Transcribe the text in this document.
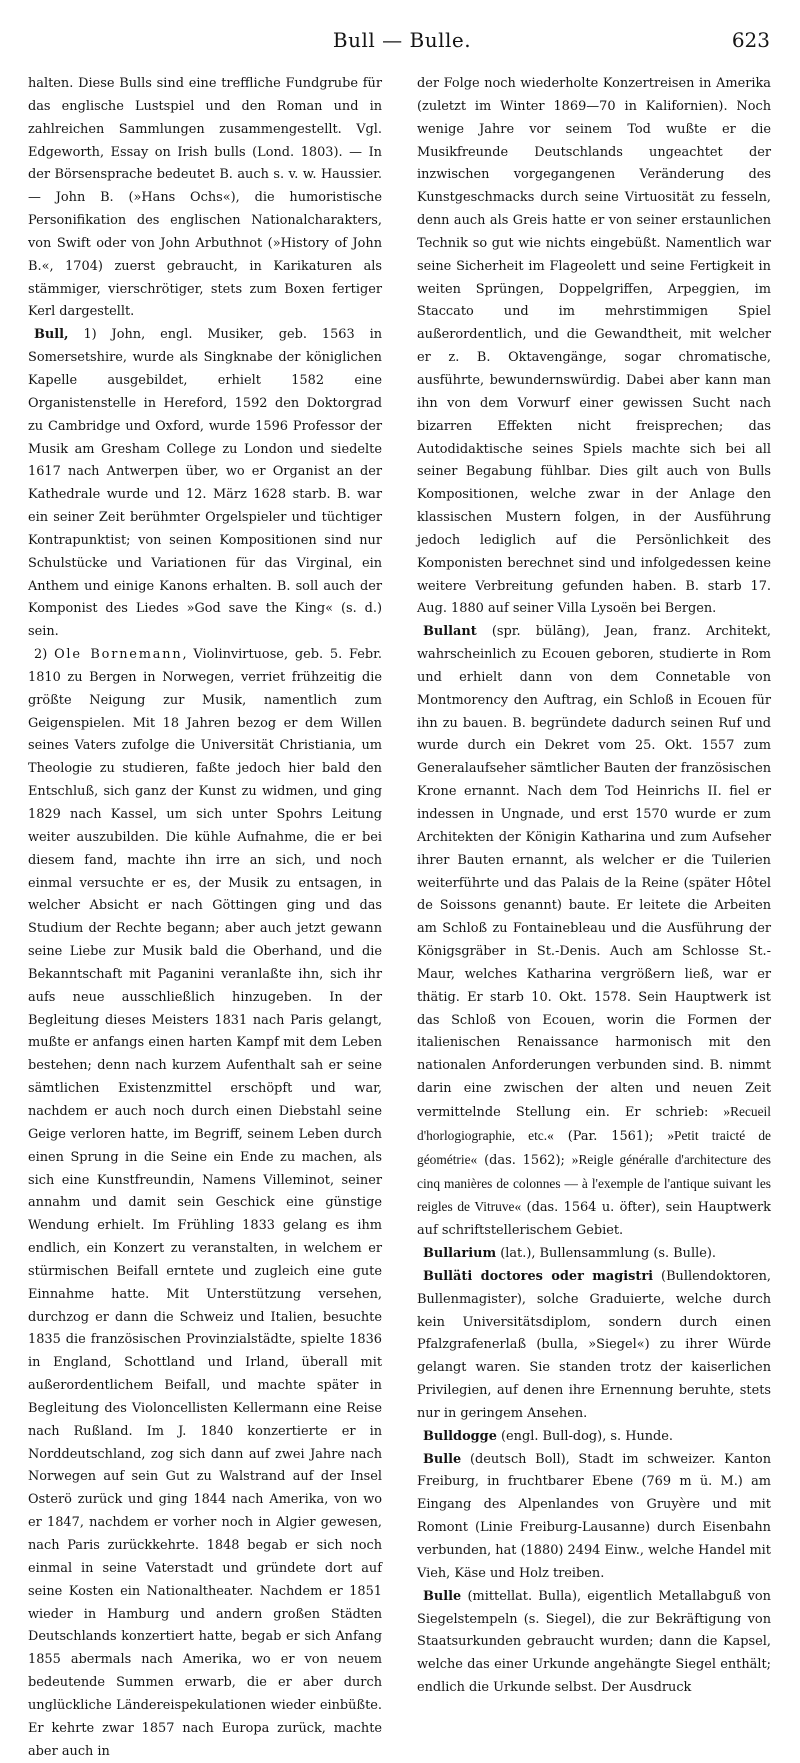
Bull — Bulle.	623

halten. Diese Bulls sind eine treffliche Fundgrube für das englische Lustspiel und den Roman und in zahlreichen Sammlungen zusammengestellt. Vgl. Edgeworth, Essay on Irish bulls (Lond. 1803). — In der Börsensprache bedeutet B. auch s. v. w. Haussier. — John B. (»Hans Ochs«), die humoristische Personifikation des englischen Nationalcharakters, von Swift oder von John Arbuthnot (»History of John B.«, 1704) zuerst gebraucht, in Karikaturen als stämmiger, vierschrötiger, stets zum Boxen fertiger Kerl dargestellt.

Bull, 1) John, engl. Musiker, geb. 1563 in Somersetshire, wurde als Singknabe der königlichen Kapelle ausgebildet, erhielt 1582 eine Organistenstelle in Hereford, 1592 den Doktorgrad zu Cambridge und Oxford, wurde 1596 Professor der Musik am Gresham College zu London und siedelte 1617 nach Antwerpen über, wo er Organist an der Kathedrale wurde und 12. März 1628 starb. B. war ein seiner Zeit berühmter Orgelspieler und tüchtiger Kontrapunktist; von seinen Kompositionen sind nur Schulstücke und Variationen für das Virginal, ein Anthem und einige Kanons erhalten. B. soll auch der Komponist des Liedes »God save the King« (s. d.) sein.

2) Ole Bornemann, Violinvirtuose, geb. 5. Febr. 1810 zu Bergen in Norwegen, verriet frühzeitig die größte Neigung zur Musik, namentlich zum Geigenspielen. Mit 18 Jahren bezog er dem Willen seines Vaters zufolge die Universität Christiania, um Theologie zu studieren, faßte jedoch hier bald den Entschluß, sich ganz der Kunst zu widmen, und ging 1829 nach Kassel, um sich unter Spohrs Leitung weiter auszubilden. Die kühle Aufnahme, die er bei diesem fand, machte ihn irre an sich, und noch einmal versuchte er es, der Musik zu entsagen, in welcher Absicht er nach Göttingen ging und das Studium der Rechte begann; aber auch jetzt gewann seine Liebe zur Musik bald die Oberhand, und die Bekanntschaft mit Paganini veranlaßte ihn, sich ihr aufs neue ausschließlich hinzugeben. In der Begleitung dieses Meisters 1831 nach Paris gelangt, mußte er anfangs einen harten Kampf mit dem Leben bestehen; denn nach kurzem Aufenthalt sah er seine sämtlichen Existenzmittel erschöpft und war, nachdem er auch noch durch einen Diebstahl seine Geige verloren hatte, im Begriff, seinem Leben durch einen Sprung in die Seine ein Ende zu machen, als sich eine Kunstfreundin, Namens Villeminot, seiner annahm und damit sein Geschick eine günstige Wendung erhielt. Im Frühling 1833 gelang es ihm endlich, ein Konzert zu veranstalten, in welchem er stürmischen Beifall erntete und zugleich eine gute Einnahme hatte. Mit Unterstützung versehen, durchzog er dann die Schweiz und Italien, besuchte 1835 die französischen Provinzialstädte, spielte 1836 in England, Schottland und Irland, überall mit außerordentlichem Beifall, und machte später in Begleitung des Violoncellisten Kellermann eine Reise nach Rußland. Im J. 1840 konzertierte er in Norddeutschland, zog sich dann auf zwei Jahre nach Norwegen auf sein Gut zu Walstrand auf der Insel Osterö zurück und ging 1844 nach Amerika, von wo er 1847, nachdem er vorher noch in Algier gewesen, nach Paris zurückkehrte. 1848 begab er sich noch einmal in seine Vaterstadt und gründete dort auf seine Kosten ein Nationaltheater. Nachdem er 1851 wieder in Hamburg und andern großen Städten Deutschlands konzertiert hatte, begab er sich Anfang 1855 abermals nach Amerika, wo er von neuem bedeutende Summen erwarb, die er aber durch unglückliche Ländereispekulationen wieder einbüßte. Er kehrte zwar 1857 nach Europa zurück, machte aber auch in

der Folge noch wiederholte Konzertreisen in Amerika (zuletzt im Winter 1869—70 in Kalifornien). Noch wenige Jahre vor seinem Tod wußte er die Musikfreunde Deutschlands ungeachtet der inzwischen vorgegangenen Veränderung des Kunstgeschmacks durch seine Virtuosität zu fesseln, denn auch als Greis hatte er von seiner erstaunlichen Technik so gut wie nichts eingebüßt. Namentlich war seine Sicherheit im Flageolett und seine Fertigkeit in weiten Sprüngen, Doppelgriffen, Arpeggien, im Staccato und im mehrstimmigen Spiel außerordentlich, und die Gewandtheit, mit welcher er z. B. Oktavengänge, sogar chromatische, ausführte, bewundernswürdig. Dabei aber kann man ihn von dem Vorwurf einer gewissen Sucht nach bizarren Effekten nicht freisprechen; das Autodidaktische seines Spiels machte sich bei all seiner Begabung fühlbar. Dies gilt auch von Bulls Kompositionen, welche zwar in der Anlage den klassischen Mustern folgen, in der Ausführung jedoch lediglich auf die Persönlichkeit des Komponisten berechnet sind und infolgedessen keine weitere Verbreitung gefunden haben. B. starb 17. Aug. 1880 auf seiner Villa Lysoën bei Bergen.

Bullant (spr. bülāng), Jean, franz. Architekt, wahrscheinlich zu Ecouen geboren, studierte in Rom und erhielt dann von dem Connetable von Montmorency den Auftrag, ein Schloß in Ecouen für ihn zu bauen. B. begründete dadurch seinen Ruf und wurde durch ein Dekret vom 25. Okt. 1557 zum Generalaufseher sämtlicher Bauten der französischen Krone ernannt. Nach dem Tod Heinrichs II. fiel er indessen in Ungnade, und erst 1570 wurde er zum Architekten der Königin Katharina und zum Aufseher ihrer Bauten ernannt, als welcher er die Tuilerien weiterführte und das Palais de la Reine (später Hôtel de Soissons genannt) baute. Er leitete die Arbeiten am Schloß zu Fontainebleau und die Ausführung der Königsgräber in St.-Denis. Auch am Schlosse St.-Maur, welches Katharina vergrößern ließ, war er thätig. Er starb 10. Okt. 1578. Sein Hauptwerk ist das Schloß von Ecouen, worin die Formen der italienischen Renaissance harmonisch mit den nationalen Anforderungen verbunden sind. B. nimmt darin eine zwischen der alten und neuen Zeit vermittelnde Stellung ein. Er schrieb: »Recueil d'horlogiographie, etc.« (Par. 1561); »Petit traicté de géométrie« (das. 1562); »Reigle généralle d'architecture des cinq manières de colonnes — à l'exemple de l'antique suivant les reigles de Vitruve« (das. 1564 u. öfter), sein Hauptwerk auf schriftstellerischem Gebiet.

Bullarium (lat.), Bullensammlung (s. Bulle).

Bulläti doctores oder magistri (Bullendoktoren, Bullenmagister), solche Graduierte, welche durch kein Universitätsdiplom, sondern durch einen Pfalzgrafenerlaß (bulla, »Siegel«) zu ihrer Würde gelangt waren. Sie standen trotz der kaiserlichen Privilegien, auf denen ihre Ernennung beruhte, stets nur in geringem Ansehen.

Bulldogge (engl. Bull-dog), s. Hunde.

Bulle (deutsch Boll), Stadt im schweizer. Kanton Freiburg, in fruchtbarer Ebene (769 m ü. M.) am Eingang des Alpenlandes von Gruyère und mit Romont (Linie Freiburg-Lausanne) durch Eisenbahn verbunden, hat (1880) 2494 Einw., welche Handel mit Vieh, Käse und Holz treiben.

Bulle (mittellat. Bulla), eigentlich Metallabguß von Siegelstempeln (s. Siegel), die zur Bekräftigung von Staatsurkunden gebraucht wurden; dann die Kapsel, welche das einer Urkunde angehängte Siegel enthält; endlich die Urkunde selbst. Der Ausdruck
